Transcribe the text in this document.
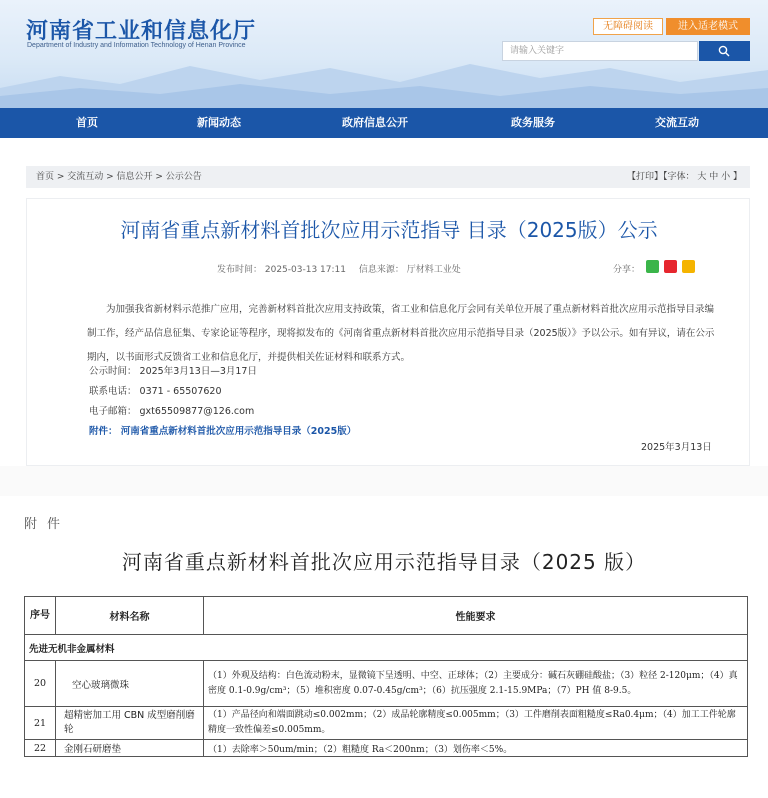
河南省工业和信息化厅
Department of Industry and Information Technology of Henan Province
无障碍阅读	进入适老模式
请输入关键字
首页	新闻动态	政府信息公开	政务服务	交流互动
首页 > 交流互动 > 信息公开 > 公示公告	【打印】【字体： 大 中 小 】
河南省重点新材料首批次应用示范指导 目录（2025版）公示
发布时间： 2025-03-13 17:11 信息来源： 厅材料工业处	分享：
为加强我省新材料示范推广应用，完善新材料首批次应用支持政策，省工业和信息化厅会同有关单位开展了重点新材料首批次应用示范指导目录编制工作，经产品信息征集、专家论证等程序，现将拟发布的《河南省重点新材料首批次应用示范指导目录（2025版）》予以公示。如有异议，请在公示期内，以书面形式反馈省工业和信息化厅，并提供相关佐证材料和联系方式。
公示时间： 2025年3月13日—3月17日
联系电话： 0371 - 65507620
电子邮箱： gxt65509877@126.com
附件： 河南省重点新材料首批次应用示范指导目录（2025版）
2025年3月13日
附件
河南省重点新材料首批次应用示范指导目录（2025 版）
序号	材料名称	性能要求
先进无机非金属材料		
20	空心玻璃微珠	（1）外观及结构：白色流动粉末，显微镜下呈透明、中空、正球体；（2）主要成分：碱石灰硼硅酸盐；（3）粒径 2-120μm；（4）真密度 0.1-0.9g/cm³；（5）堆积密度 0.07-0.45g/cm³；（6）抗压强度 2.1-15.9MPa；（7）PH 值 8-9.5。
21	超精密加工用 CBN 成型磨削磨轮	（1）产品径向和端面跳动≤0.002mm；（2）成品轮廓精度≤0.005mm；（3）工件磨削表面粗糙度≤Ra0.4μm；（4）加工工件轮廓精度一致性偏差≤0.005mm。
22	金刚石研磨垫	（1）去除率＞50um/min；（2）粗糙度 Ra＜200nm；（3）划伤率＜5%。
